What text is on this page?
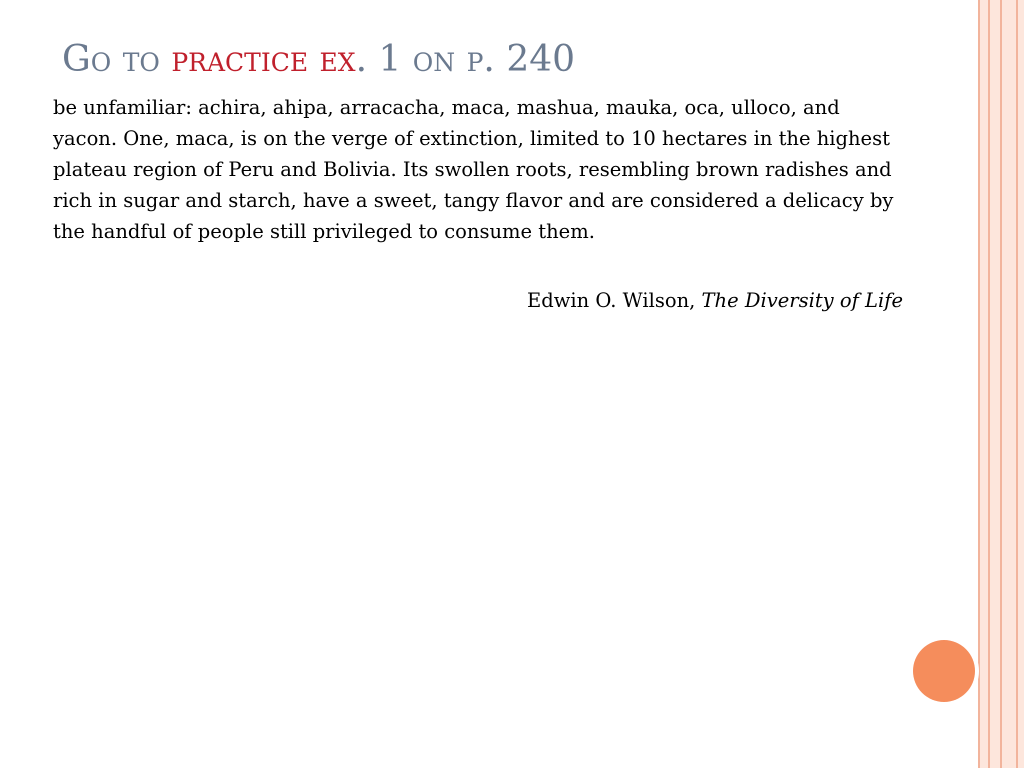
Go to practice ex. 1 on p. 240

be unfamiliar: achira, ahipa, arracacha, maca, mashua, mauka, oca, ulloco, and yacon. One, maca, is on the verge of extinction, limited to 10 hectares in the highest plateau region of Peru and Bolivia. Its swollen roots, resembling brown radishes and rich in sugar and starch, have a sweet, tangy flavor and are considered a delicacy by the handful of people still privileged to consume them.

Edwin O. Wilson, The Diversity of Life
